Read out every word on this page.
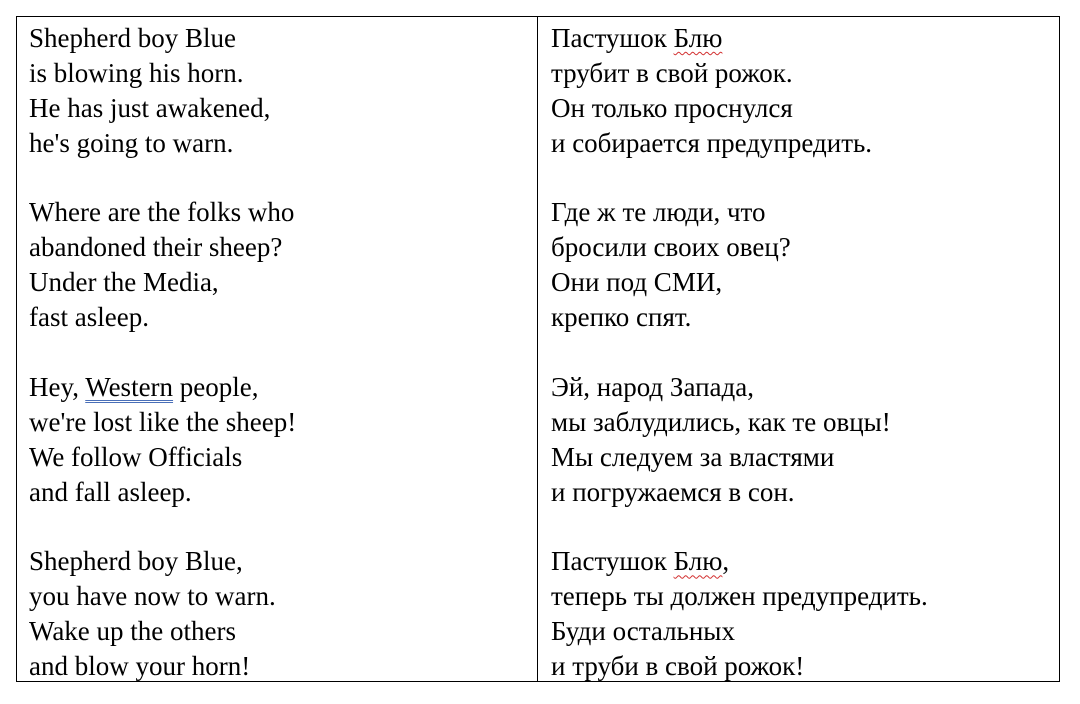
Shepherd boy Blue
is blowing his horn.
He has just awakened,
he's going to warn.
Where are the folks who
abandoned their sheep?
Under the Media,
fast asleep.
Hey, Western people,
we're lost like the sheep!
We follow Officials
and fall asleep.
Shepherd boy Blue,
you have now to warn.
Wake up the others
and blow your horn!
Пастушок Блю
трубит в свой рожок.
Он только проснулся
и собирается предупредить.
Где ж те люди, что
бросили своих овец?
Они под СМИ,
крепко спят.
Эй, народ Запада,
мы заблудились, как те овцы!
Мы следуем за властями
и погружаемся в сон.
Пастушок Блю,
теперь ты должен предупредить.
Буди остальных
и труби в свой рожок!
